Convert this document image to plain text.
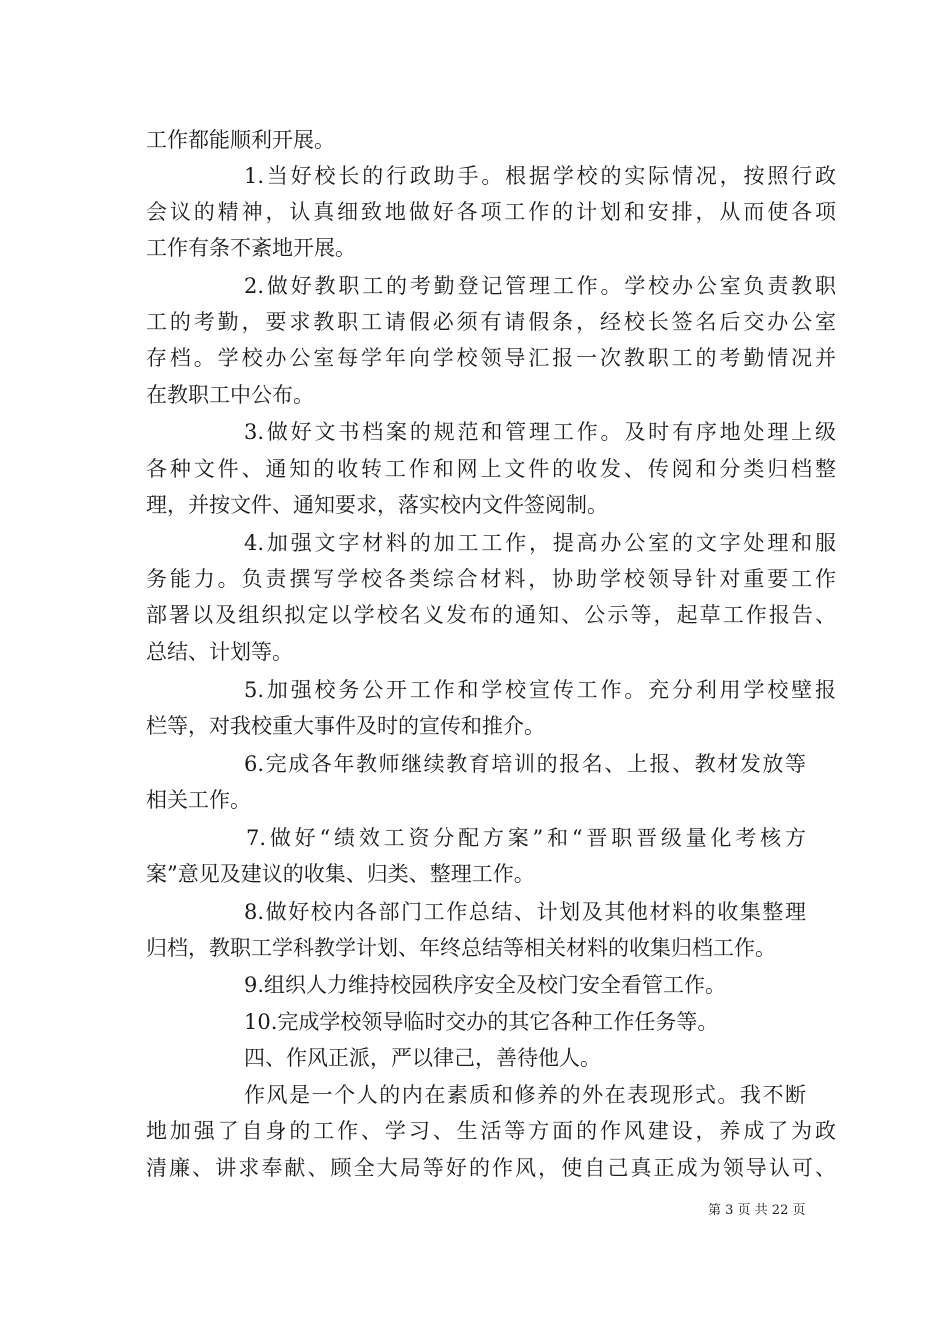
工作都能顺利开展。
1.当好校长的行政助手。根据学校的实际情况，按照行政
会议的精神，认真细致地做好各项工作的计划和安排，从而使各项
工作有条不紊地开展。
2.做好教职工的考勤登记管理工作。学校办公室负责教职
工的考勤，要求教职工请假必须有请假条，经校长签名后交办公室
存档。学校办公室每学年向学校领导汇报一次教职工的考勤情况并
在教职工中公布。
3.做好文书档案的规范和管理工作。及时有序地处理上级
各种文件、通知的收转工作和网上文件的收发、传阅和分类归档整
理，并按文件、通知要求，落实校内文件签阅制。
4.加强文字材料的加工工作，提高办公室的文字处理和服
务能力。负责撰写学校各类综合材料，协助学校领导针对重要工作
部署以及组织拟定以学校名义发布的通知、公示等，起草工作报告、
总结、计划等。
5.加强校务公开工作和学校宣传工作。充分利用学校壁报
栏等，对我校重大事件及时的宣传和推介。
6.完成各年教师继续教育培训的报名、上报、教材发放等
相关工作。
7.做好“绩效工资分配方案”和“晋职晋级量化考核方
案”意见及建议的收集、归类、整理工作。
8.做好校内各部门工作总结、计划及其他材料的收集整理
归档，教职工学科教学计划、年终总结等相关材料的收集归档工作。
9.组织人力维持校园秩序安全及校门安全看管工作。
10.完成学校领导临时交办的其它各种工作任务等。
四、作风正派，严以律己，善待他人。
作风是一个人的内在素质和修养的外在表现形式。我不断
地加强了自身的工作、学习、生活等方面的作风建设，养成了为政
清廉、讲求奉献、顾全大局等好的作风，使自己真正成为领导认可、
第 3 页 共 22 页
